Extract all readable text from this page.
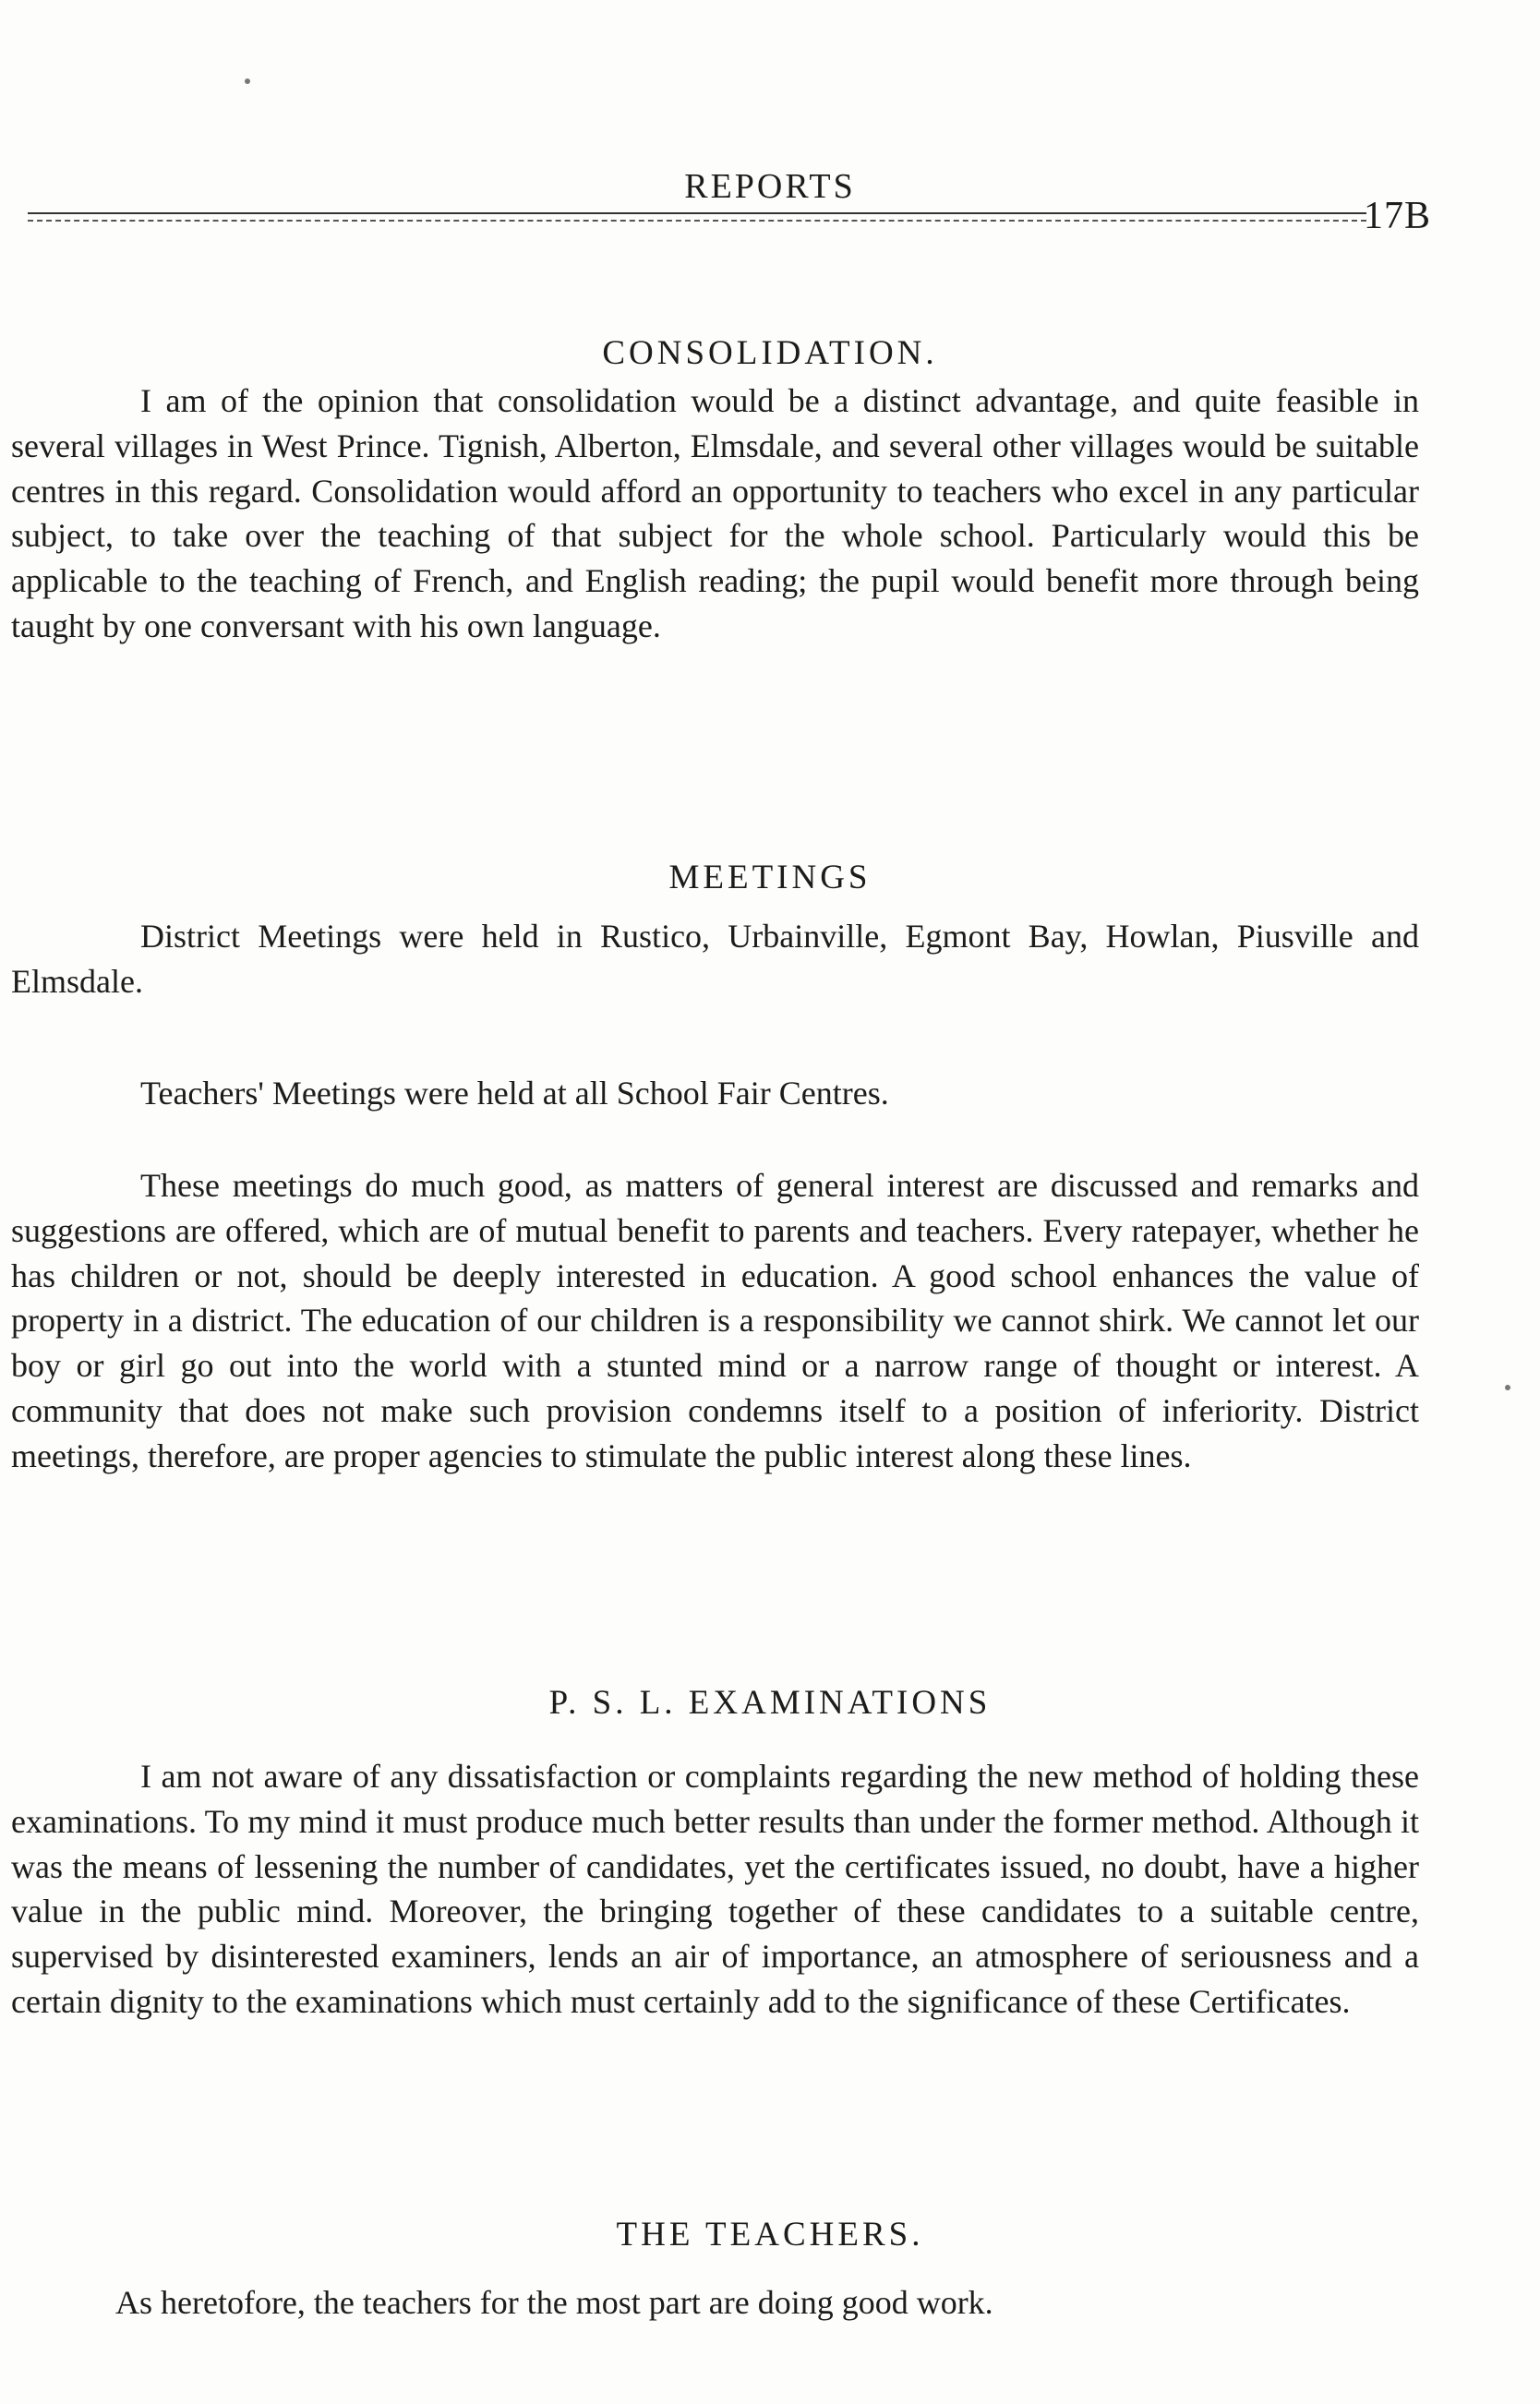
REPORTS
17B
CONSOLIDATION.

I am of the opinion that consolidation would be a distinct advantage, and quite feasible in several villages in West Prince. Tignish, Alberton, Elmsdale, and several other villages would be suitable centres in this regard. Consolidation would afford an opportunity to teachers who excel in any particular subject, to take over the teaching of that subject for the whole school. Particularly would this be applicable to the teaching of French, and English reading; the pupil would benefit more through being taught by one conversant with his own language.

MEETINGS

District Meetings were held in Rustico, Urbainville, Egmont Bay, Howlan, Piusville and Elmsdale.

Teachers' Meetings were held at all School Fair Centres.

These meetings do much good, as matters of general interest are discussed and remarks and suggestions are offered, which are of mutual benefit to parents and teachers. Every ratepayer, whether he has children or not, should be deeply interested in education. A good school enhances the value of property in a district. The education of our children is a responsibility we cannot shirk. We cannot let our boy or girl go out into the world with a stunted mind or a narrow range of thought or interest. A community that does not make such provision condemns itself to a position of inferiority. District meetings, therefore, are proper agencies to stimulate the public interest along these lines.

P. S. L. EXAMINATIONS

I am not aware of any dissatisfaction or complaints regarding the new method of holding these examinations. To my mind it must produce much better results than under the former method. Although it was the means of lessening the number of candidates, yet the certificates issued, no doubt, have a higher value in the public mind. Moreover, the bringing together of these candidates to a suitable centre, supervised by disinterested examiners, lends an air of importance, an atmosphere of seriousness and a certain dignity to the examinations which must certainly add to the significance of these Certificates.

THE TEACHERS.

As heretofore, the teachers for the most part are doing good work.
